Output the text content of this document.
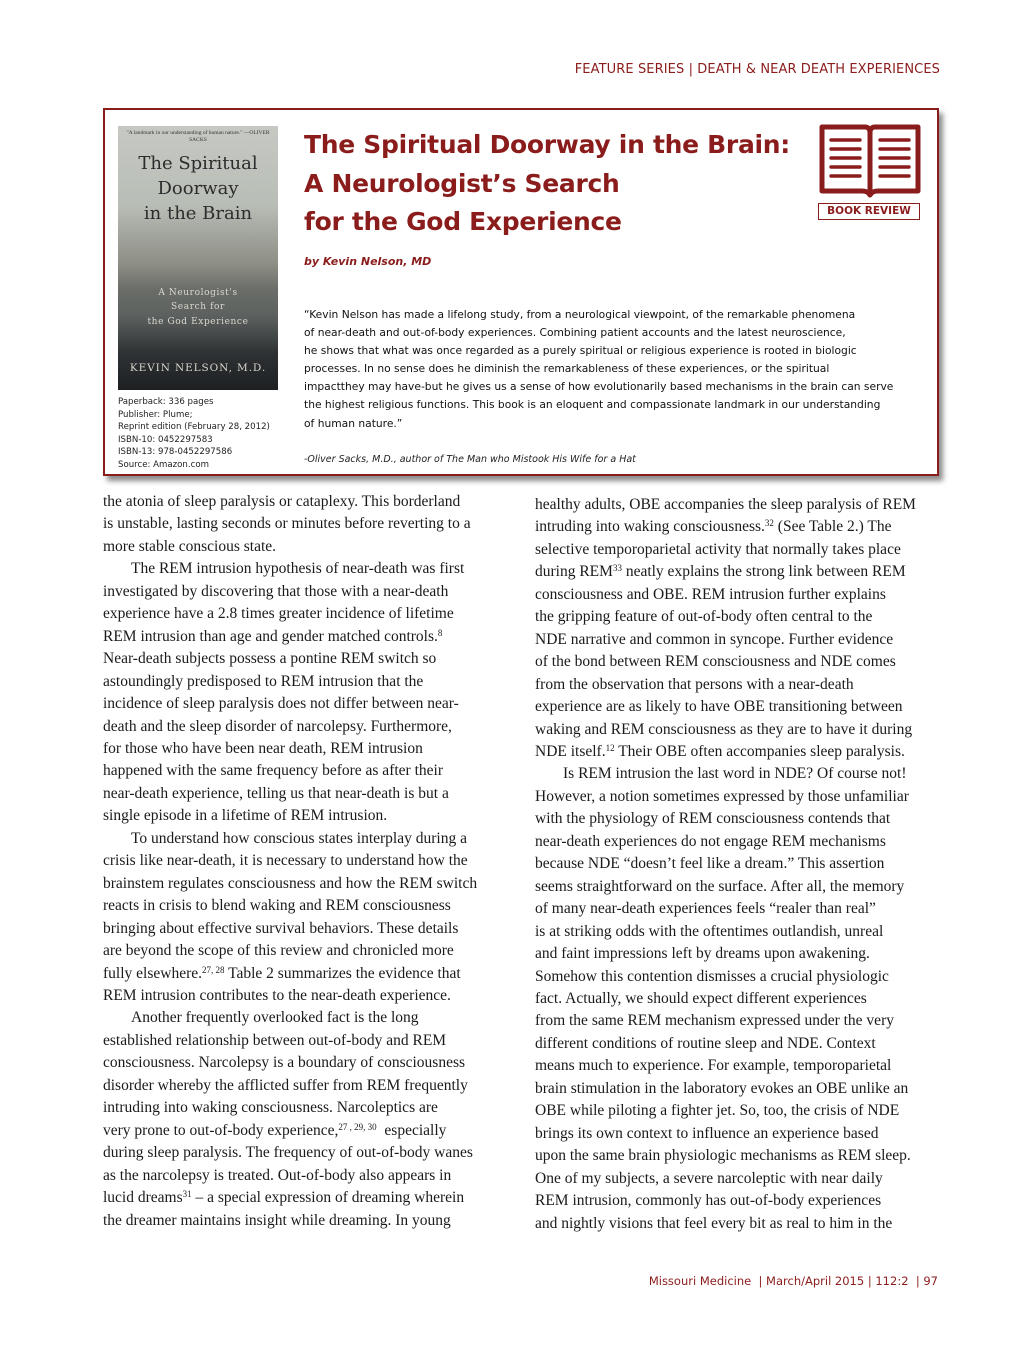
FEATURE SERIES | DEATH & NEAR DEATH EXPERIENCES
"A landmark in our understanding of human nature." —OLIVER SACKS
The Spiritual
Doorway
in the Brain
A Neurologist's
Search for
the God Experience
KEVIN NELSON, M.D.
Paperback: 336 pages
Publisher: Plume;
Reprint edition (February 28, 2012)
ISBN-10: 0452297583
ISBN-13: 978-0452297586
Source: Amazon.com
The Spiritual Doorway in the Brain:
A Neurologist’s Search
for the God Experience
by Kevin Nelson, MD
BOOK REVIEW
“Kevin Nelson has made a lifelong study, from a neurological viewpoint, of the remarkable phenomena
of near-death and out-of-body experiences. Combining patient accounts and the latest neuroscience,
he shows that what was once regarded as a purely spiritual or religious experience is rooted in biologic
processes. In no sense does he diminish the remarkableness of these experiences, or the spiritual
impactthey may have-but he gives us a sense of how evolutionarily based mechanisms in the brain can serve
the highest religious functions. This book is an eloquent and compassionate landmark in our understanding
of human nature.”
-Oliver Sacks, M.D., author of The Man who Mistook His Wife for a Hat
the atonia of sleep paralysis or cataplexy. This borderland
is unstable, lasting seconds or minutes before reverting to a
more stable conscious state.
The REM intrusion hypothesis of near-death was first
investigated by discovering that those with a near-death
experience have a 2.8 times greater incidence of lifetime
REM intrusion than age and gender matched controls.$^8$
Near-death subjects possess a pontine REM switch so
astoundingly predisposed to REM intrusion that the
incidence of sleep paralysis does not differ between near-
death and the sleep disorder of narcolepsy. Furthermore,
for those who have been near death, REM intrusion
happened with the same frequency before as after their
near-death experience, telling us that near-death is but a
single episode in a lifetime of REM intrusion.
To understand how conscious states interplay during a
crisis like near-death, it is necessary to understand how the
brainstem regulates consciousness and how the REM switch
reacts in crisis to blend waking and REM consciousness
bringing about effective survival behaviors. These details
are beyond the scope of this review and chronicled more
fully elsewhere.$^{27, 28}$ Table 2 summarizes the evidence that
REM intrusion contributes to the near-death experience.
Another frequently overlooked fact is the long
established relationship between out-of-body and REM
consciousness. Narcolepsy is a boundary of consciousness
disorder whereby the afflicted suffer from REM frequently
intruding into waking consciousness. Narcoleptics are
very prone to out-of-body experience,$^{27 , 29, 30}$  especially
during sleep paralysis. The frequency of out-of-body wanes
as the narcolepsy is treated. Out-of-body also appears in
lucid dreams$^{31}$ – a special expression of dreaming wherein
the dreamer maintains insight while dreaming. In young
healthy adults, OBE accompanies the sleep paralysis of REM
intruding into waking consciousness.$^{32}$ (See Table 2.) The
selective temporoparietal activity that normally takes place
during REM$^{33}$ neatly explains the strong link between REM
consciousness and OBE. REM intrusion further explains
the gripping feature of out-of-body often central to the
NDE narrative and common in syncope. Further evidence
of the bond between REM consciousness and NDE comes
from the observation that persons with a near-death
experience are as likely to have OBE transitioning between
waking and REM consciousness as they are to have it during
NDE itself.$^{12}$ Their OBE often accompanies sleep paralysis.
Is REM intrusion the last word in NDE? Of course not!
However, a notion sometimes expressed by those unfamiliar
with the physiology of REM consciousness contends that
near-death experiences do not engage REM mechanisms
because NDE “doesn’t feel like a dream.” This assertion
seems straightforward on the surface. After all, the memory
of many near-death experiences feels “realer than real”
is at striking odds with the oftentimes outlandish, unreal
and faint impressions left by dreams upon awakening.
Somehow this contention dismisses a crucial physiologic
fact. Actually, we should expect different experiences
from the same REM mechanism expressed under the very
different conditions of routine sleep and NDE. Context
means much to experience. For example, temporoparietal
brain stimulation in the laboratory evokes an OBE unlike an
OBE while piloting a fighter jet. So, too, the crisis of NDE
brings its own context to influence an experience based
upon the same brain physiologic mechanisms as REM sleep.
One of my subjects, a severe narcoleptic with near daily
REM intrusion, commonly has out-of-body experiences
and nightly visions that feel every bit as real to him in the
Missouri Medicine  | March/April 2015 | 112:2  | 97
